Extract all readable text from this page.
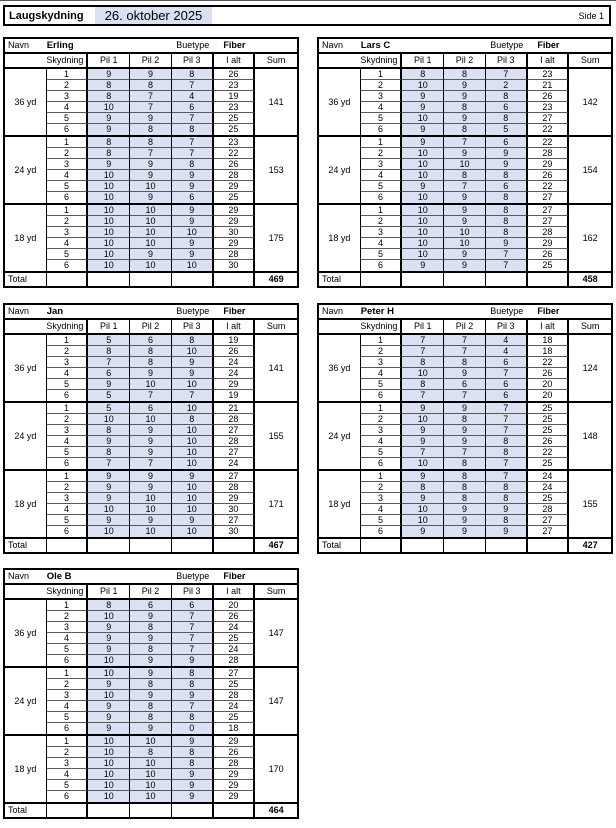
Laugskydning	26. oktober 2025	Side 1
Navn	Erling	Buetype	Fiber
Skydning	Pil 1	Pil 2	Pil 3	I alt	Sum
36 yd	141
1	9	9	8	26
2	8	8	7	23
3	8	7	4	19
4	10	7	6	23
5	9	9	7	25
6	9	8	8	25
24 yd	153
1	8	8	7	23
2	8	7	7	22
3	9	9	8	26
4	10	9	9	28
5	10	10	9	29
6	10	9	6	25
18 yd	175
1	10	10	9	29
2	10	10	9	29
3	10	10	10	30
4	10	10	9	29
5	10	9	9	28
6	10	10	10	30
Total	469
Navn	Lars C	Buetype	Fiber
Skydning	Pil 1	Pil 2	Pil 3	I alt	Sum
36 yd	142
1	8	8	7	23
2	10	9	2	21
3	9	9	8	26
4	9	8	6	23
5	10	9	8	27
6	9	8	5	22
24 yd	154
1	9	7	6	22
2	10	9	9	28
3	10	10	9	29
4	10	8	8	26
5	9	7	6	22
6	10	9	8	27
18 yd	162
1	10	9	8	27
2	10	9	8	27
3	10	10	8	28
4	10	10	9	29
5	10	9	7	26
6	9	9	7	25
Total	458
Navn	Jan	Buetype	Fiber
Skydning	Pil 1	Pil 2	Pil 3	I alt	Sum
36 yd	141
1	5	6	8	19
2	8	8	10	26
3	7	8	9	24
4	6	9	9	24
5	9	10	10	29
6	5	7	7	19
24 yd	155
1	5	6	10	21
2	10	10	8	28
3	8	9	10	27
4	9	9	10	28
5	8	9	10	27
6	7	7	10	24
18 yd	171
1	9	9	9	27
2	9	9	10	28
3	9	10	10	29
4	10	10	10	30
5	9	9	9	27
6	10	10	10	30
Total	467
Navn	Peter H	Buetype	Fiber
Skydning	Pil 1	Pil 2	Pil 3	I alt	Sum
36 yd	124
1	7	7	4	18
2	7	7	4	18
3	8	8	6	22
4	10	9	7	26
5	8	6	6	20
6	7	7	6	20
24 yd	148
1	9	9	7	25
2	10	8	7	25
3	9	9	7	25
4	9	9	8	26
5	7	7	8	22
6	10	8	7	25
18 yd	155
1	9	8	7	24
2	8	8	8	24
3	9	8	8	25
4	10	9	9	28
5	10	9	8	27
6	9	9	9	27
Total	427
Navn	Ole B	Buetype	Fiber
Skydning	Pil 1	Pil 2	Pil 3	I alt	Sum
36 yd	147
1	8	6	6	20
2	10	9	7	26
3	9	8	7	24
4	9	9	7	25
5	9	8	7	24
6	10	9	9	28
24 yd	147
1	10	9	8	27
2	9	8	8	25
3	10	9	9	28
4	9	8	7	24
5	9	8	8	25
6	9	9	0	18
18 yd	170
1	10	10	9	29
2	10	8	8	26
3	10	10	8	28
4	10	10	9	29
5	10	10	9	29
6	10	10	9	29
Total	464
